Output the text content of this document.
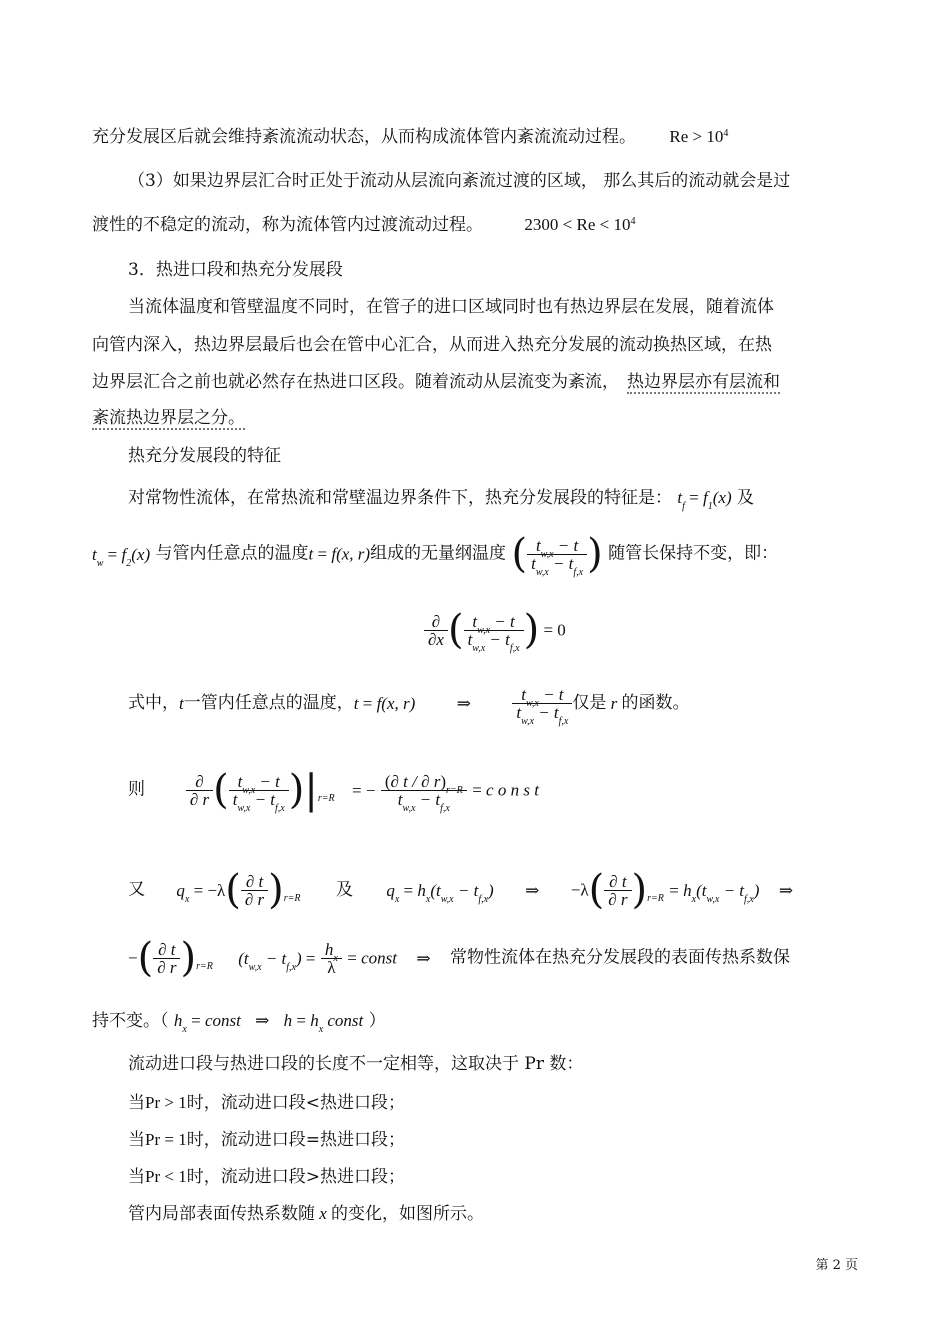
充分发展区后就会维持紊流流动状态，从而构成流体管内紊流流动过程。 $Re > 10^4$
（3）如果边界层汇合时正处于流动从层流向紊流过渡的区域， 那么其后的流动就会是过
渡性的不稳定的流动，称为流体管内过渡流动过程。 $2300 < Re < 10^4$
3．热进口段和热充分发展段
当流体温度和管壁温度不同时，在管子的进口区域同时也有热边界层在发展，随着流体
向管内深入，热边界层最后也会在管中心汇合，从而进入热充分发展的流动换热区域，在热
边界层汇合之前也就必然存在热进口区段。随着流动从层流变为紊流， 热边界层亦有层流和
紊流热边界层之分。
热充分发展段的特征
对常物性流体，在常热流和常壁温边界条件下，热充分发展段的特征是： $t_f = f_1(x)$ 及
$t_w = f_2(x)$ 与管内任意点的温度t = f(x, r)组成的无量纲温度 ( $\frac{t_{w,x} - t}{t_{w,x} - t_{f,x}}$ ) 随管长保持不变，即：
$\frac{\partial}{\partial x}$ ( $\frac{t_{w,x} - t}{t_{w,x} - t_{f,x}}$ ) = 0
式中，t一管内任意点的温度，t = f(x, r) ⇒ $\frac{t_{w,x} - t}{t_{w,x} - t_{f,x}}$ 仅是 r 的函数。
则 $\frac{\partial}{\partial r}$ ( $\frac{t_{w,x} - t}{t_{w,x} - t_{f,x}} )|_{r=R}$ = − $\frac{(\partial t / \partial r)_{r=R}}{t_{w,x} - t_{f,x}} = c$ o n s t
又 $q_x = -\lambda( \frac{\partial t}{\partial r} )_{r=R}$ 及 $q_x = h_x(t_{w,x} - t_{f,x})$ ⇒ $-\lambda( \frac{\partial t}{\partial r} )_{r=R} = h_x(t_{w,x} - t_{f,x})$ ⇒
−( $\frac{\partial t}{\partial r} )_{r=R}$ $(t_{w,x} - t_{f,x}) = \frac{h_x}{\lambda}$ = const ⇒ 常物性流体在热充分发展段的表面传热系数保
持不变。（ $h_x$ = const ⇒ $h = h_x$ const ）
流动进口段与热进口段的长度不一定相等，这取决于 Pr 数：
当Pr > 1时，流动进口段<热进口段；
当Pr = 1时，流动进口段=热进口段；
当Pr < 1时，流动进口段>热进口段；
管内局部表面传热系数随 x 的变化，如图所示。
第 2 页
